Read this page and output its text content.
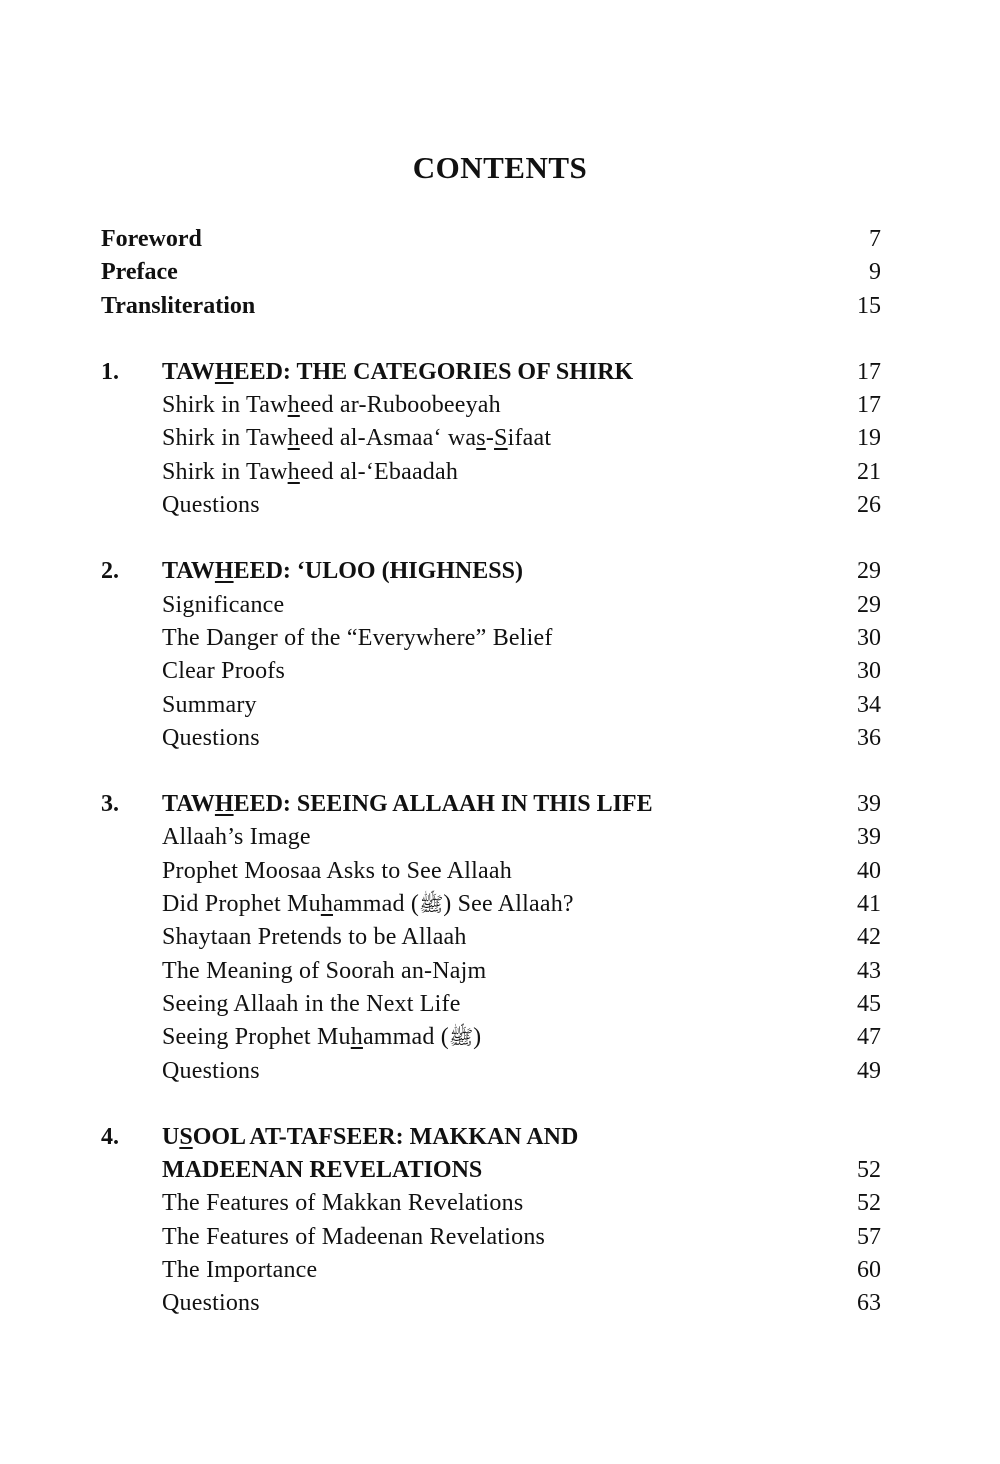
CONTENTS
Foreword	7
Preface	9
Transliteration	15
1. TAWHEED: THE CATEGORIES OF SHIRK	17
Shirk in Tawheed ar-Ruboobeeyah	17
Shirk in Tawheed al-Asmaa‘ was-Sifaat	19
Shirk in Tawheed al-‘Ebaadah	21
Questions	26
2. TAWHEED: ‘ULOO (HIGHNESS)	29
Significance	29
The Danger of the “Everywhere” Belief	30
Clear Proofs	30
Summary	34
Questions	36
3. TAWHEED: SEEING ALLAAH IN THIS LIFE	39
Allaah’s Image	39
Prophet Moosaa Asks to See Allaah	40
Did Prophet Muhammad (ﷺ) See Allaah?	41
Shaytaan Pretends to be Allaah	42
The Meaning of Soorah an-Najm	43
Seeing Allaah in the Next Life	45
Seeing Prophet Muhammad (ﷺ)	47
Questions	49
4. USOOL AT-TAFSEER: MAKKAN AND
MADEENAN REVELATIONS	52
The Features of Makkan Revelations	52
The Features of Madeenan Revelations	57
The Importance	60
Questions	63
